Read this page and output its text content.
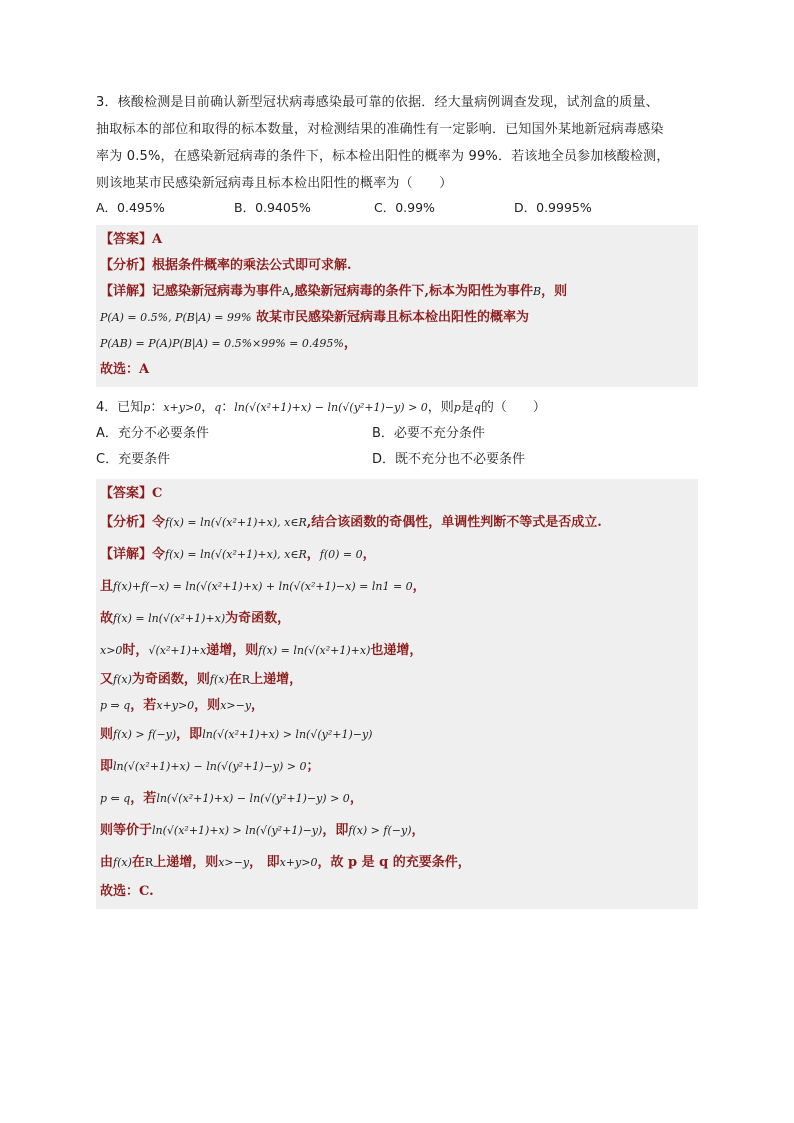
3．核酸检测是目前确认新型冠状病毒感染最可靠的依据．经大量病例调查发现，试剂盒的质量、
抽取标本的部位和取得的标本数量，对检测结果的准确性有一定影响．已知国外某地新冠病毒感染
率为 0.5%，在感染新冠病毒的条件下，标本检出阳性的概率为 99%．若该地全员参加核酸检测，
则该地某市民感染新冠病毒且标本检出阳性的概率为（　　）
A．0.495%	B．0.9405%	C．0.99%	D．0.9995%
【答案】A
【分析】根据条件概率的乘法公式即可求解.
【详解】记感染新冠病毒为事件A,感染新冠病毒的条件下,标本为阳性为事件B，则
P(A) = 0.5%, P(B|A) = 99% 故某市民感染新冠病毒且标本检出阳性的概率为
P(AB) = P(A)P(B|A) = 0.5%×99% = 0.495%，
故选：A
4．已知p：x+y>0，q：ln(√(x²+1)+x) − ln(√(y²+1)−y) > 0，则p是q的（　　）
A．充分不必要条件	B．必要不充分条件
C．充要条件	D．既不充分也不必要条件
【答案】C
【分析】令f(x) = ln(√(x²+1)+x), x∈R,结合该函数的奇偶性，单调性判断不等式是否成立.
【详解】令f(x) = ln(√(x²+1)+x), x∈R，f(0) = 0，
且f(x)+f(−x) = ln(√(x²+1)+x) + ln(√(x²+1)−x) = ln1 = 0，
故f(x) = ln(√(x²+1)+x)为奇函数，
x>0时，√(x²+1)+x递增，则f(x) = ln(√(x²+1)+x)也递增，
又f(x)为奇函数，则f(x)在R上递增，
p ⇒ q，若x+y>0，则x>−y，
则f(x) > f(−y)，即ln(√(x²+1)+x) > ln(√(y²+1)−y)
即ln(√(x²+1)+x) − ln(√(y²+1)−y) > 0；
p ⇐ q，若ln(√(x²+1)+x) − ln(√(y²+1)−y) > 0，
则等价于ln(√(x²+1)+x) > ln(√(y²+1)−y)，即f(x) > f(−y)，
由f(x)在R上递增，则x>−y， 即x+y>0，故 p 是 q 的充要条件，
故选：C.
